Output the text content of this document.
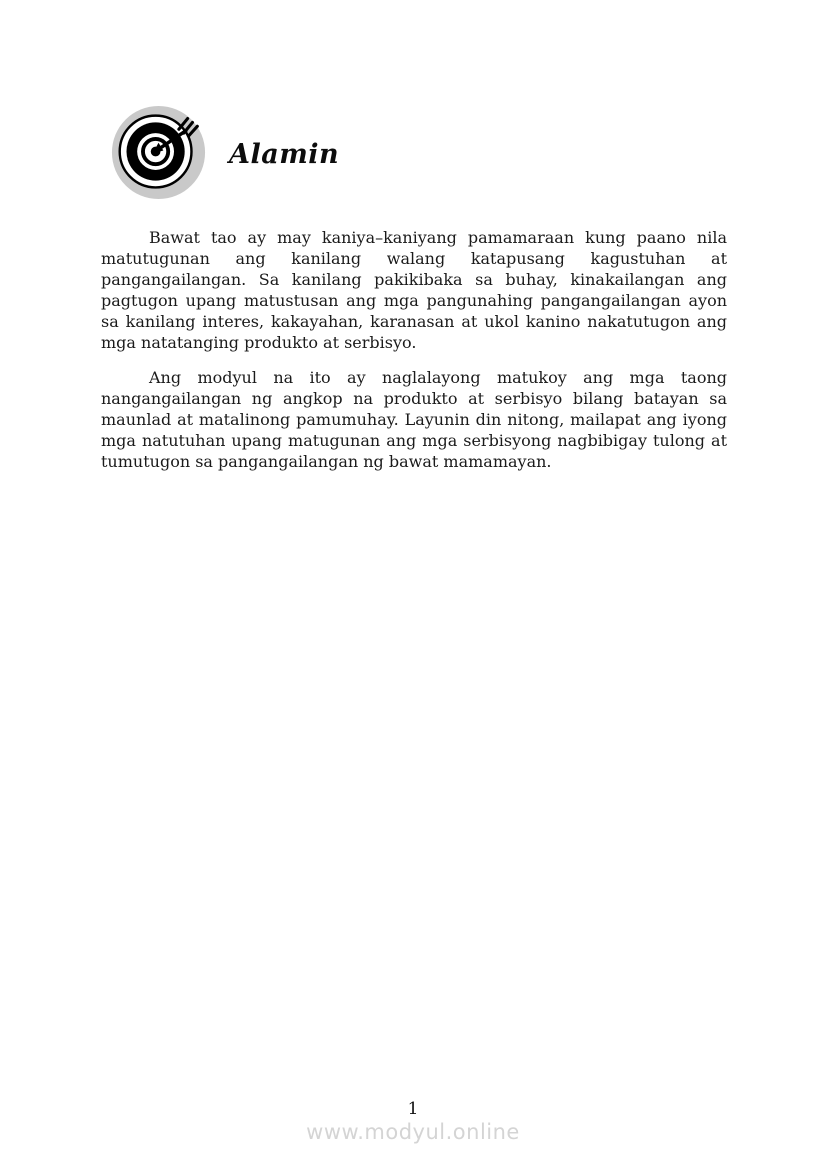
Alamin

Bawat tao ay may kaniya–kaniyang pamamaraan kung paano nila matutugunan ang kanilang walang katapusang kagustuhan at pangangailangan. Sa kanilang pakikibaka sa buhay, kinakailangan ang pagtugon upang matustusan ang mga pangunahing pangangailangan ayon sa kanilang interes, kakayahan, karanasan at ukol kanino nakatutugon ang mga natatanging produkto at serbisyo.

Ang modyul na ito ay naglalayong matukoy ang mga taong nangangailangan ng angkop na produkto at serbisyo bilang batayan sa maunlad at matalinong pamumuhay. Layunin din nitong, mailapat ang iyong mga natutuhan upang matugunan ang mga serbisyong nagbibigay tulong at tumutugon sa pangangailangan ng bawat mamamayan.

1
www.modyul.online
